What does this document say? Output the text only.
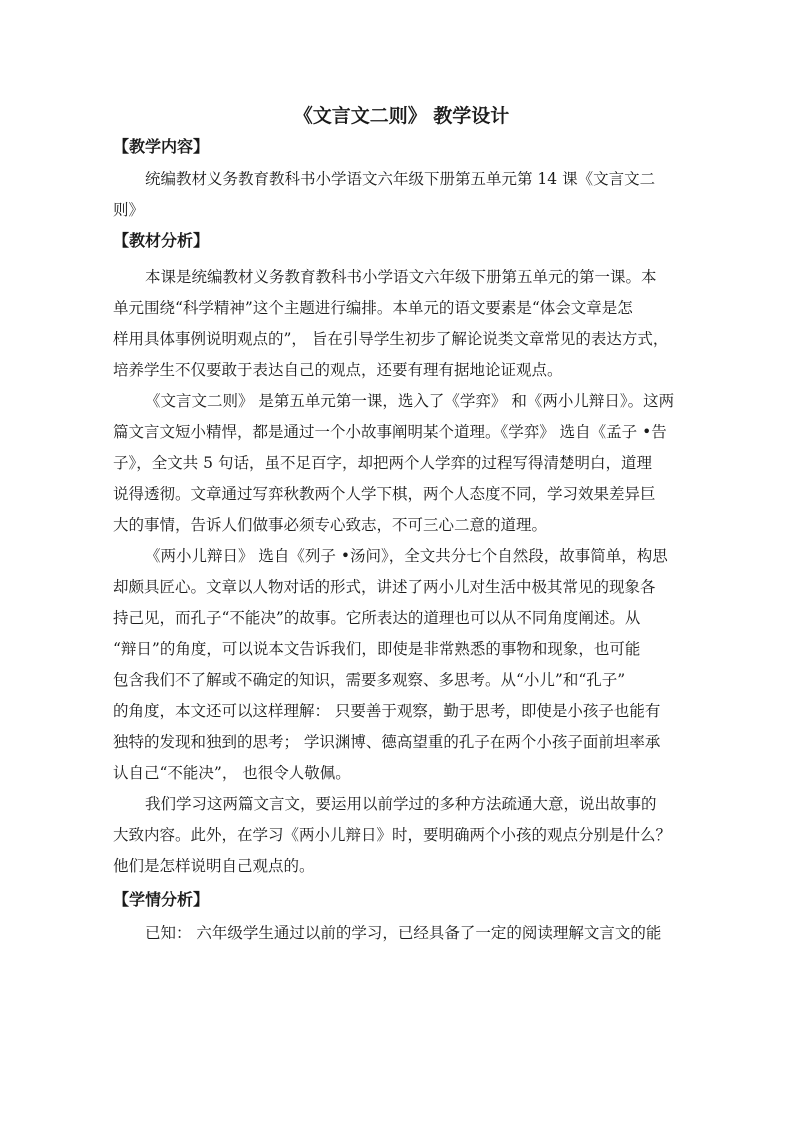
《文言文二则》 教学设计
【教学内容】
统编教材义务教育教科书小学语文六年级下册第五单元第 14 课《文言文二
则》
【教材分析】
本课是统编教材义务教育教科书小学语文六年级下册第五单元的第一课。本
单元围绕“科学精神”这个主题进行编排。本单元的语文要素是“体会文章是怎
样用具体事例说明观点的”， 旨在引导学生初步了解论说类文章常见的表达方式，
培养学生不仅要敢于表达自己的观点，还要有理有据地论证观点。
《文言文二则》 是第五单元第一课，选入了《学弈》 和《两小儿辩日》。这两
篇文言文短小精悍，都是通过一个小故事阐明某个道理。《学弈》 选自《孟子 •告
子》，全文共 5 句话，虽不足百字，却把两个人学弈的过程写得清楚明白，道理
说得透彻。文章通过写弈秋教两个人学下棋，两个人态度不同，学习效果差异巨
大的事情，告诉人们做事必须专心致志，不可三心二意的道理。
《两小儿辩日》 选自《列子 •汤问》，全文共分七个自然段，故事简单，构思
却颇具匠心。文章以人物对话的形式，讲述了两小儿对生活中极其常见的现象各
持己见，而孔子“不能决”的故事。它所表达的道理也可以从不同角度阐述。从
“辩日”的角度，可以说本文告诉我们，即使是非常熟悉的事物和现象，也可能
包含我们不了解或不确定的知识，需要多观察、多思考。从“小儿”和“孔子”
的角度，本文还可以这样理解： 只要善于观察，勤于思考，即使是小孩子也能有
独特的发现和独到的思考； 学识渊博、德高望重的孔子在两个小孩子面前坦率承
认自己“不能决”， 也很令人敬佩。
我们学习这两篇文言文，要运用以前学过的多种方法疏通大意，说出故事的
大致内容。此外，在学习《两小儿辩日》时，要明确两个小孩的观点分别是什么？
他们是怎样说明自己观点的。
【学情分析】
已知： 六年级学生通过以前的学习，已经具备了一定的阅读理解文言文的能
